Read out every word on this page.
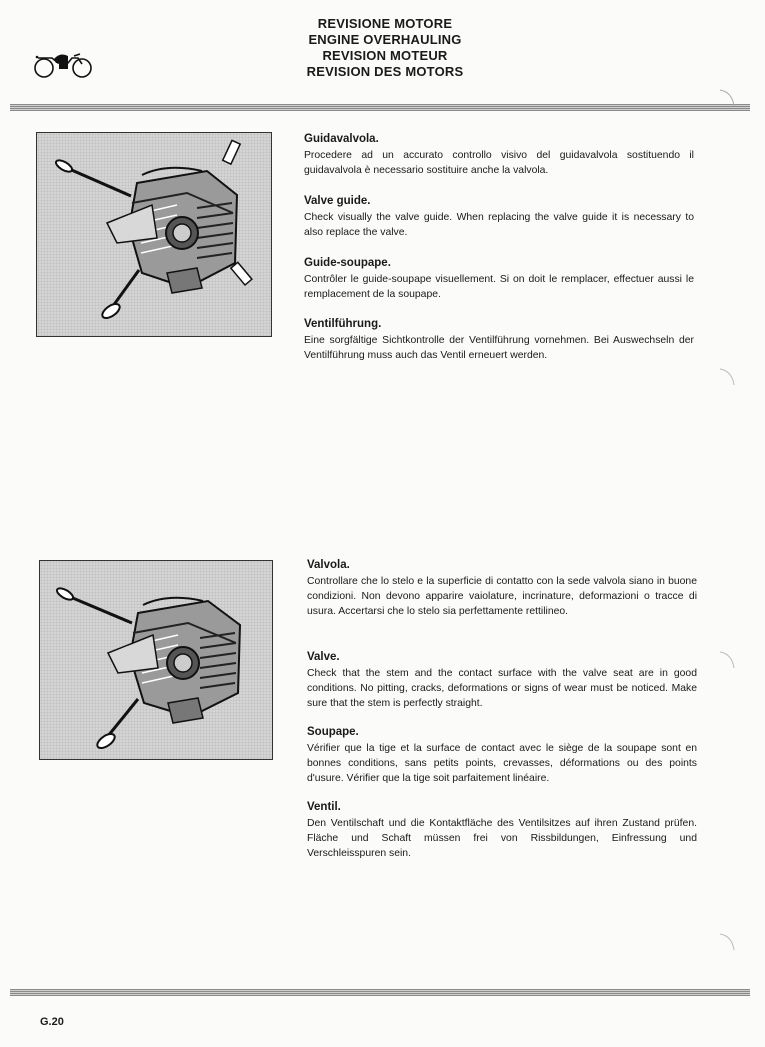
REVISIONE MOTORE
ENGINE OVERHAULING
REVISION MOTEUR
REVISION DES MOTORS

Guidavalvola.

Procedere ad un accurato controllo visivo del guidavalvola sostituendo il guidavalvola è necessario sostituire anche la valvola.

Valve guide.

Check visually the valve guide. When replacing the valve guide it is necessary to also replace the valve.

Guide-soupape.

Contrôler le guide-soupape visuellement. Si on doit le remplacer, effectuer aussi le remplacement de la soupape.

Ventilführung.

Eine sorgfältige Sichtkontrolle der Ventilführung vornehmen. Bei Auswechseln der Ventilführung muss auch das Ventil erneuert werden.

Valvola.

Controllare che lo stelo e la superficie di contatto con la sede valvola siano in buone condizioni. Non devono apparire vaiolature, incrinature, deformazioni o tracce di usura. Accertarsi che lo stelo sia perfettamente rettilineo.

Valve.

Check that the stem and the contact surface with the valve seat are in good conditions. No pitting, cracks, deformations or signs of wear must be noticed. Make sure that the stem is perfectly straight.

Soupape.

Vérifier que la tige et la surface de contact avec le siège de la soupape sont en bonnes conditions, sans petits points, crevasses, déformations ou des points d'usure. Vérifier que la tige soit parfaitement linéaire.

Ventil.

Den Ventilschaft und die Kontaktfläche des Ventilsitzes auf ihren Zustand prüfen. Fläche und Schaft müssen frei von Rissbildungen, Einfressung und Verschleisspuren sein.

G.20
